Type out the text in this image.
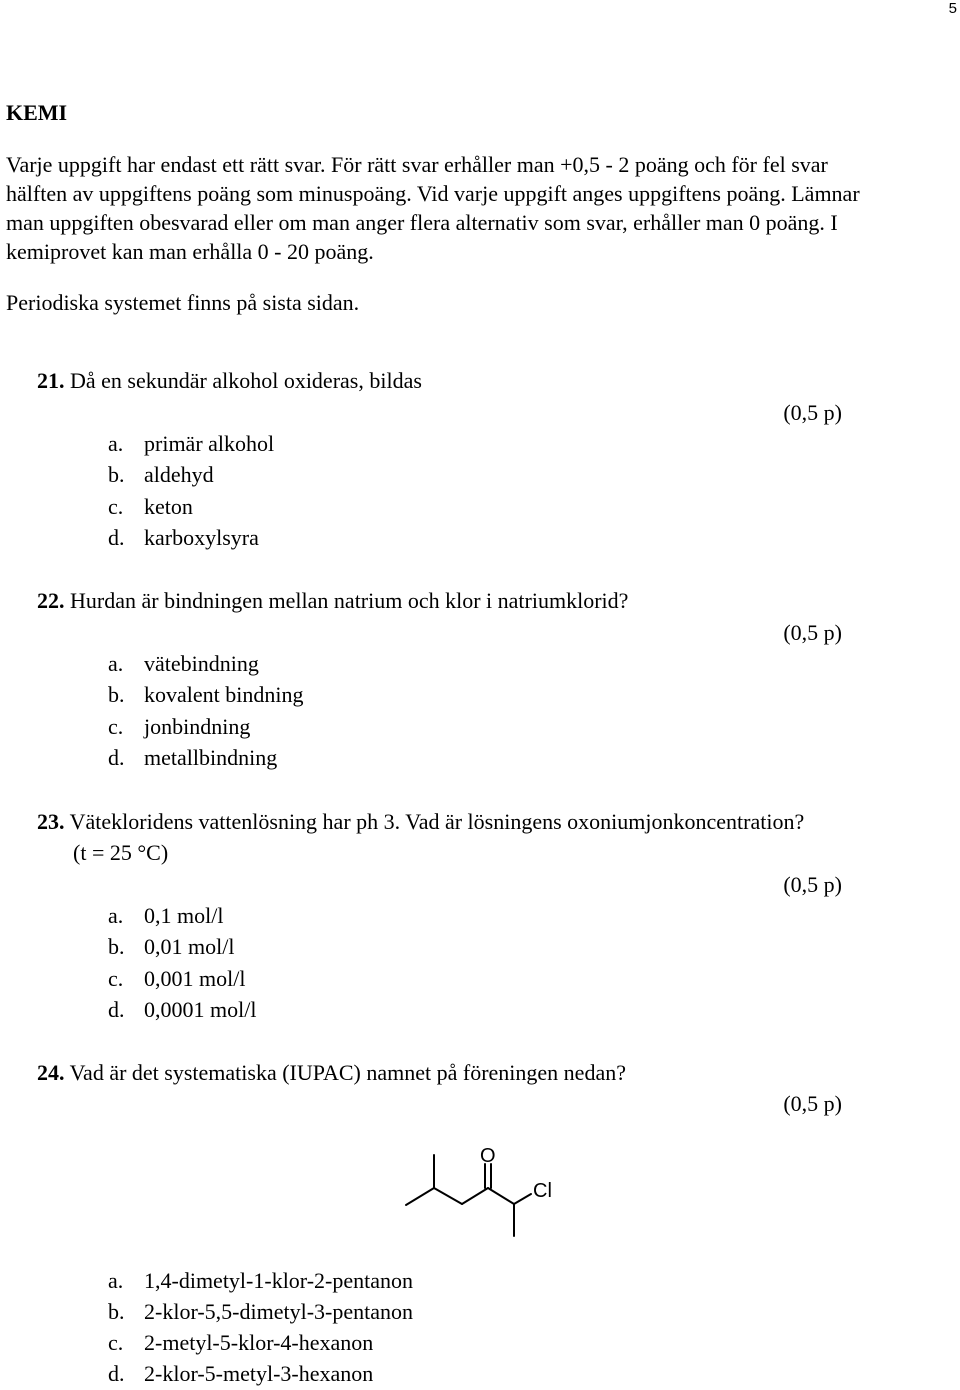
5
KEMI
Varje uppgift har endast ett rätt svar. För rätt svar erhåller man +0,5 - 2 poäng och för fel svar
hälften av uppgiftens poäng som minuspoäng. Vid varje uppgift anges uppgiftens poäng. Lämnar
man uppgiften obesvarad eller om man anger flera alternativ som svar, erhåller man 0 poäng. I
kemiprovet kan man erhålla 0 - 20 poäng.
Periodiska systemet finns på sista sidan.
21. Då en sekundär alkohol oxideras, bildas
(0,5 p)
a. primär alkohol
b. aldehyd
c. keton
d. karboxylsyra
22. Hurdan är bindningen mellan natrium och klor i natriumklorid?
(0,5 p)
a. vätebindning
b. kovalent bindning
c. jonbindning
d. metallbindning
23. Vätekloridens vattenlösning har ph 3. Vad är lösningens oxoniumjonkoncentration?
(t = 25 °C)
(0,5 p)
a. 0,1 mol/l
b. 0,01 mol/l
c. 0,001 mol/l
d. 0,0001 mol/l
24. Vad är det systematiska (IUPAC) namnet på föreningen nedan?
(0,5 p)
O
Cl
a. 1,4-dimetyl-1-klor-2-pentanon
b. 2-klor-5,5-dimetyl-3-pentanon
c. 2-metyl-5-klor-4-hexanon
d. 2-klor-5-metyl-3-hexanon
